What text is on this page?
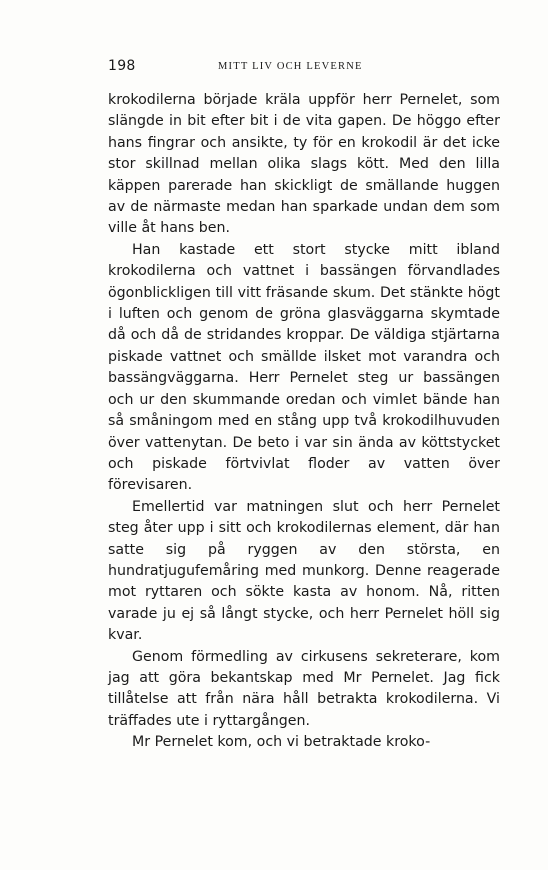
198	MITT LIV OCH LEVERNE

krokodilerna började kräla uppför herr Pernelet, som slängde in bit efter bit i de vita gapen. De höggo efter hans fingrar och ansikte, ty för en krokodil är det icke stor skillnad mellan olika slags kött. Med den lilla käppen parerade han skickligt de smällande huggen av de närmaste medan han sparkade undan dem som ville åt hans ben.

Han kastade ett stort stycke mitt ibland krokodilerna och vattnet i bassängen förvandlades ögonblickligen till vitt fräsande skum. Det stänkte högt i luften och genom de gröna glasväggarna skymtade då och då de stridandes kroppar. De väldiga stjärtarna piskade vattnet och smällde ilsket mot varandra och bassängväggarna. Herr Pernelet steg ur bassängen och ur den skummande oredan och vimlet bände han så småningom med en stång upp två krokodilhuvuden över vattenytan. De beto i var sin ända av köttstycket och piskade förtvivlat floder av vatten över förevisaren.

Emellertid var matningen slut och herr Pernelet steg åter upp i sitt och krokodilernas element, där han satte sig på ryggen av den största, en hundratjugufemåring med munkorg. Denne reagerade mot ryttaren och sökte kasta av honom. Nå, ritten varade ju ej så långt stycke, och herr Pernelet höll sig kvar.

Genom förmedling av cirkusens sekreterare, kom jag att göra bekantskap med Mr Pernelet. Jag fick tillåtelse att från nära håll betrakta krokodilerna. Vi träffades ute i ryttargången.

Mr Pernelet kom, och vi betraktade kroko-
